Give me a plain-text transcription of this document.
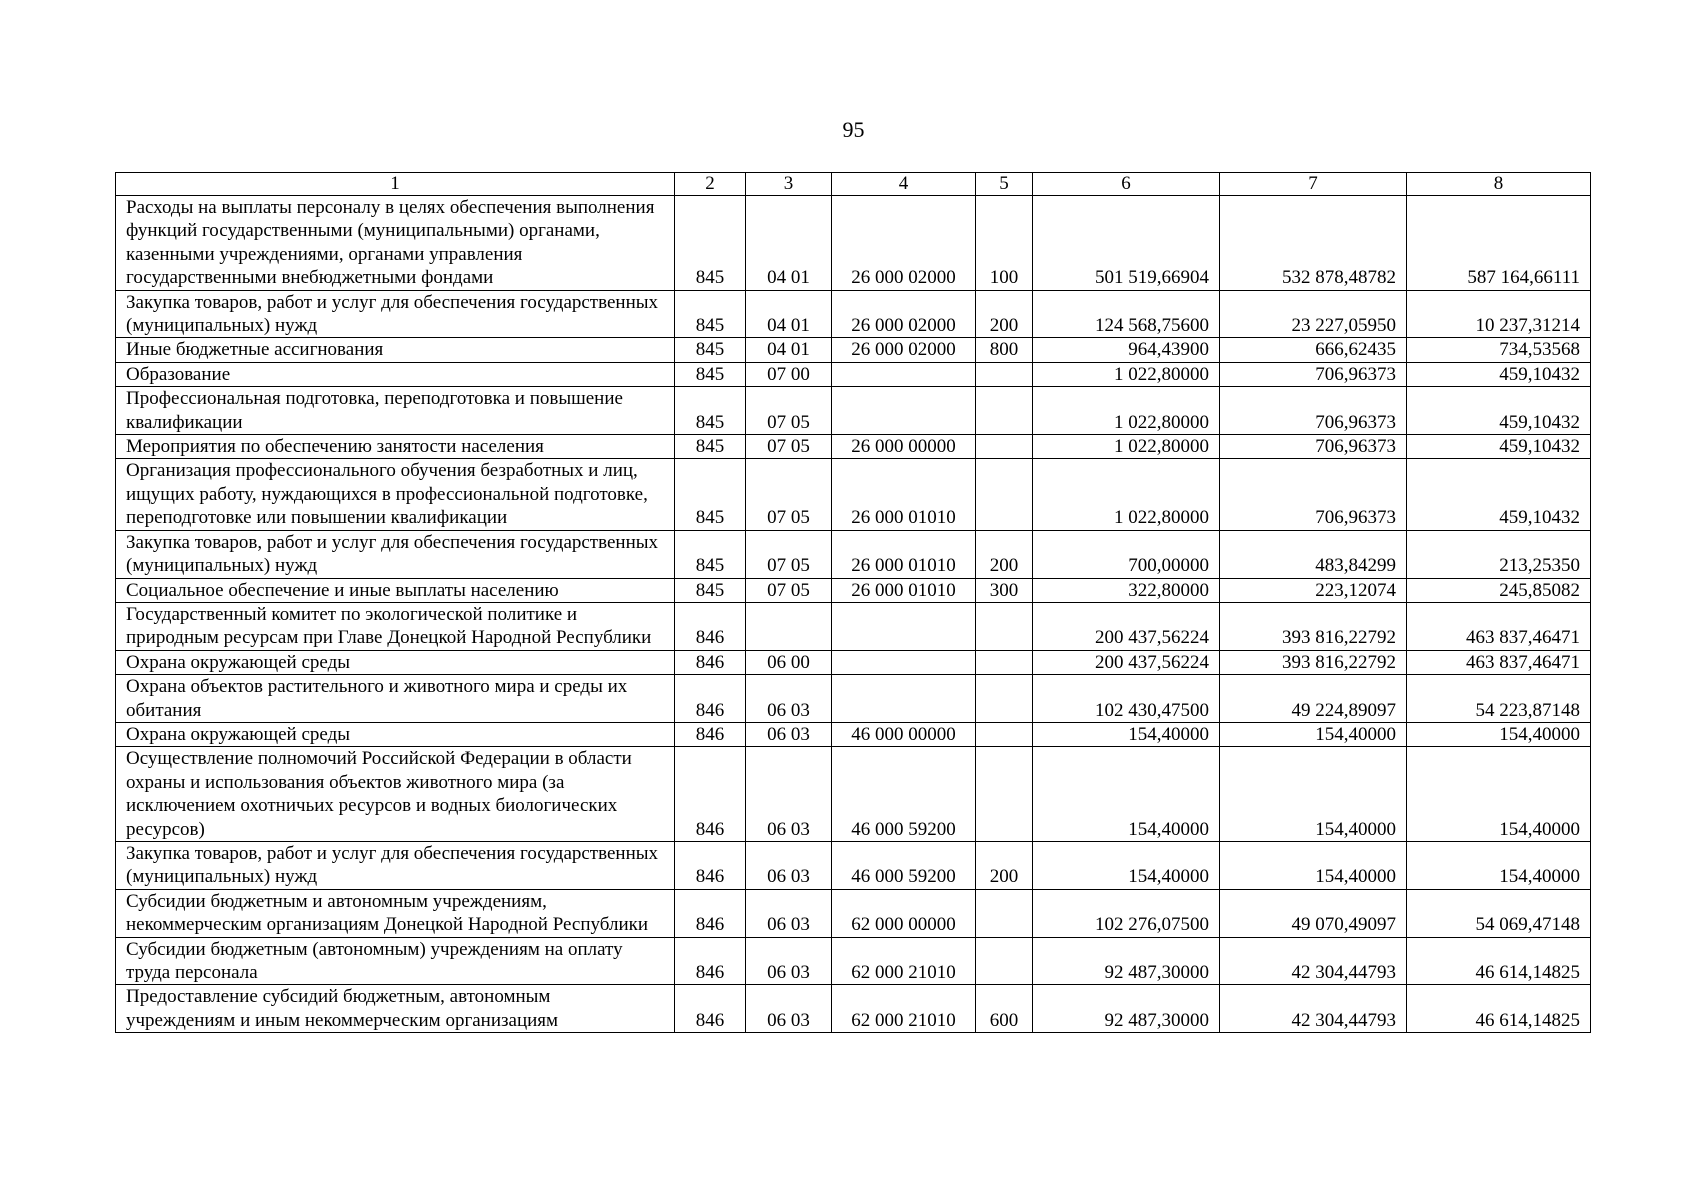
95
1	2	3	4	5	6	7	8
Расходы на выплаты персоналу в целях обеспечения выполнения функций государственными (муниципальными) органами, казенными учреждениями, органами управления государственными внебюджетными фондами	845	04 01	26 000 02000	100	501 519,66904	532 878,48782	587 164,66111
Закупка товаров, работ и услуг для обеспечения государственных (муниципальных) нужд	845	04 01	26 000 02000	200	124 568,75600	23 227,05950	10 237,31214
Иные бюджетные ассигнования	845	04 01	26 000 02000	800	964,43900	666,62435	734,53568
Образование	845	07 00			1 022,80000	706,96373	459,10432
Профессиональная подготовка, переподготовка и повышение квалификации	845	07 05			1 022,80000	706,96373	459,10432
Мероприятия по обеспечению занятости населения	845	07 05	26 000 00000		1 022,80000	706,96373	459,10432
Организация профессионального обучения безработных и лиц, ищущих работу, нуждающихся в профессиональной подготовке, переподготовке или повышении квалификации	845	07 05	26 000 01010		1 022,80000	706,96373	459,10432
Закупка товаров, работ и услуг для обеспечения государственных (муниципальных) нужд	845	07 05	26 000 01010	200	700,00000	483,84299	213,25350
Социальное обеспечение и иные выплаты населению	845	07 05	26 000 01010	300	322,80000	223,12074	245,85082
Государственный комитет по экологической политике и природным ресурсам при Главе Донецкой Народной Республики	846				200 437,56224	393 816,22792	463 837,46471
Охрана окружающей среды	846	06 00			200 437,56224	393 816,22792	463 837,46471
Охрана объектов растительного и животного мира и среды их обитания	846	06 03			102 430,47500	49 224,89097	54 223,87148
Охрана окружающей среды	846	06 03	46 000 00000		154,40000	154,40000	154,40000
Осуществление полномочий Российской Федерации в области охраны и использования объектов животного мира (за исключением охотничьих ресурсов и водных биологических ресурсов)	846	06 03	46 000 59200		154,40000	154,40000	154,40000
Закупка товаров, работ и услуг для обеспечения государственных (муниципальных) нужд	846	06 03	46 000 59200	200	154,40000	154,40000	154,40000
Субсидии бюджетным и автономным учреждениям, некоммерческим организациям Донецкой Народной Республики	846	06 03	62 000 00000		102 276,07500	49 070,49097	54 069,47148
Субсидии бюджетным (автономным) учреждениям на оплату труда персонала	846	06 03	62 000 21010		92 487,30000	42 304,44793	46 614,14825
Предоставление субсидий бюджетным, автономным учреждениям и иным некоммерческим организациям	846	06 03	62 000 21010	600	92 487,30000	42 304,44793	46 614,14825
